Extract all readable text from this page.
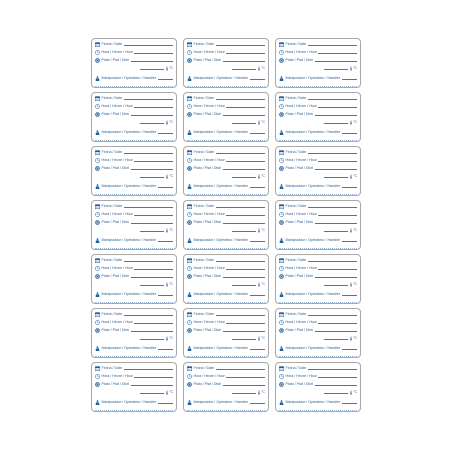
Fecha / Date
Hora / Heure / Hour
Plato / Plat / Dish
°C
Manipulador / Opérateur / Handler
Fecha / Date
Hora / Heure / Hour
Plato / Plat / Dish
°C
Manipulador / Opérateur / Handler
Fecha / Date
Hora / Heure / Hour
Plato / Plat / Dish
°C
Manipulador / Opérateur / Handler
Fecha / Date
Hora / Heure / Hour
Plato / Plat / Dish
°C
Manipulador / Opérateur / Handler
Fecha / Date
Hora / Heure / Hour
Plato / Plat / Dish
°C
Manipulador / Opérateur / Handler
Fecha / Date
Hora / Heure / Hour
Plato / Plat / Dish
°C
Manipulador / Opérateur / Handler
Fecha / Date
Hora / Heure / Hour
Plato / Plat / Dish
°C
Manipulador / Opérateur / Handler
Fecha / Date
Hora / Heure / Hour
Plato / Plat / Dish
°C
Manipulador / Opérateur / Handler
Fecha / Date
Hora / Heure / Hour
Plato / Plat / Dish
°C
Manipulador / Opérateur / Handler
Fecha / Date
Hora / Heure / Hour
Plato / Plat / Dish
°C
Manipulador / Opérateur / Handler
Fecha / Date
Hora / Heure / Hour
Plato / Plat / Dish
°C
Manipulador / Opérateur / Handler
Fecha / Date
Hora / Heure / Hour
Plato / Plat / Dish
°C
Manipulador / Opérateur / Handler
Fecha / Date
Hora / Heure / Hour
Plato / Plat / Dish
°C
Manipulador / Opérateur / Handler
Fecha / Date
Hora / Heure / Hour
Plato / Plat / Dish
°C
Manipulador / Opérateur / Handler
Fecha / Date
Hora / Heure / Hour
Plato / Plat / Dish
°C
Manipulador / Opérateur / Handler
Fecha / Date
Hora / Heure / Hour
Plato / Plat / Dish
°C
Manipulador / Opérateur / Handler
Fecha / Date
Hora / Heure / Hour
Plato / Plat / Dish
°C
Manipulador / Opérateur / Handler
Fecha / Date
Hora / Heure / Hour
Plato / Plat / Dish
°C
Manipulador / Opérateur / Handler
Fecha / Date
Hora / Heure / Hour
Plato / Plat / Dish
°C
Manipulador / Opérateur / Handler
Fecha / Date
Hora / Heure / Hour
Plato / Plat / Dish
°C
Manipulador / Opérateur / Handler
Fecha / Date
Hora / Heure / Hour
Plato / Plat / Dish
°C
Manipulador / Opérateur / Handler
